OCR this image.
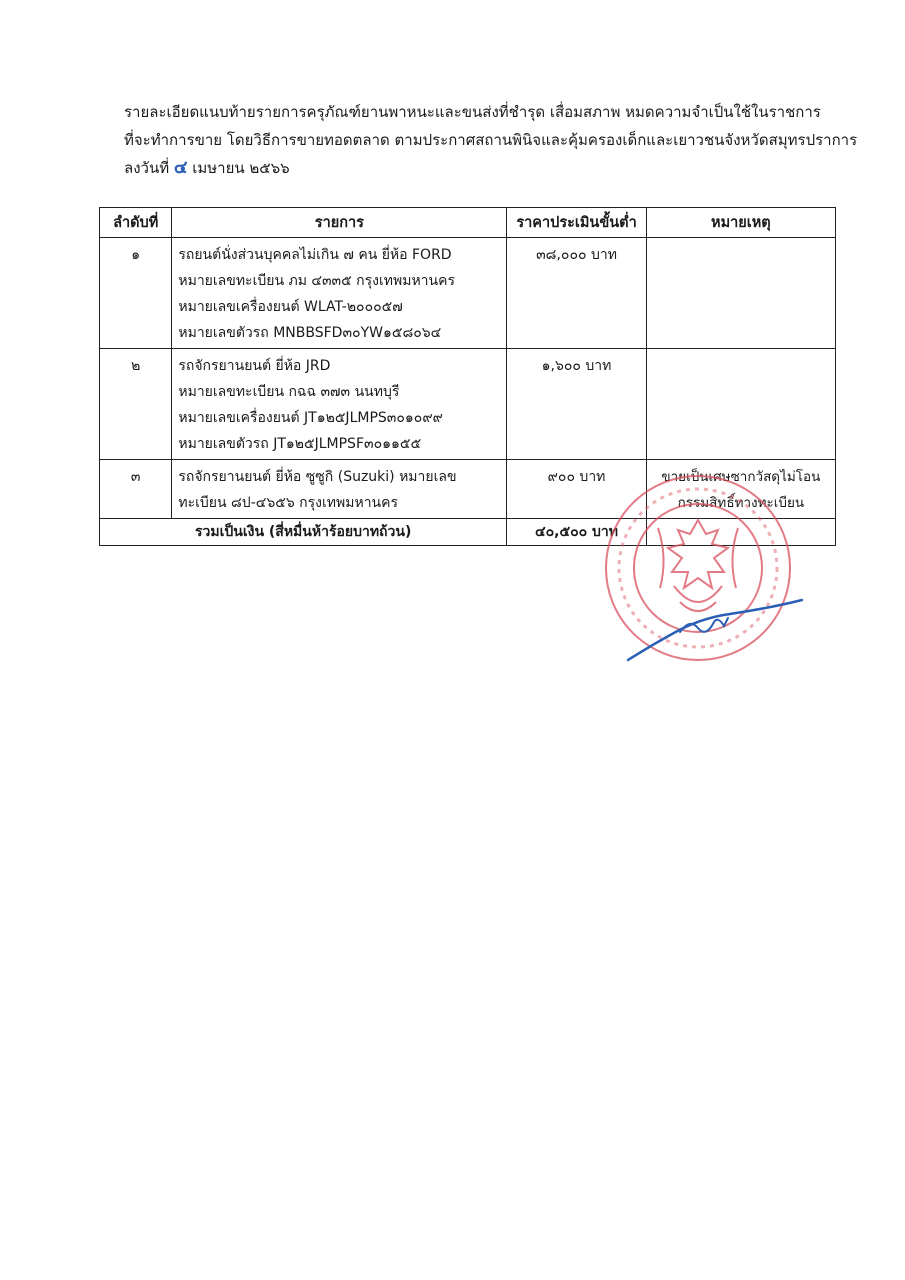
รายละเอียดแนบท้ายรายการครุภัณฑ์ยานพาหนะและขนส่งที่ชำรุด เสื่อมสภาพ หมดความจำเป็นใช้ในราชการ
ที่จะทำการขาย โดยวิธีการขายทอดตลาด ตามประกาศสถานพินิจและคุ้มครองเด็กและเยาวชนจังหวัดสมุทรปราการ
ลงวันที่ ๔ เมษายน ๒๕๖๖
ลำดับที่	รายการ	ราคาประเมินขั้นต่ำ	หมายเหตุ
๑	รถยนต์นั่งส่วนบุคคลไม่เกิน ๗ คน ยี่ห้อ FORD
หมายเลขทะเบียน ภม ๔๓๓๕ กรุงเทพมหานคร
หมายเลขเครื่องยนต์ WLAT-๒๐๐๐๕๗
หมายเลขตัวรถ MNBBSFD๓๐YW๑๕๘๐๖๔	๓๘,๐๐๐ บาท	
๒	รถจักรยานยนต์ ยี่ห้อ JRD
หมายเลขทะเบียน กฉฉ ๓๗๓ นนทบุรี
หมายเลขเครื่องยนต์ JT๑๒๕JLMPS๓๐๑๐๙๙
หมายเลขตัวรถ JT๑๒๕JLMPSF๓๐๑๑๕๕	๑,๖๐๐ บาท	
๓	รถจักรยานยนต์ ยี่ห้อ ซูซูกิ (Suzuki) หมายเลข
ทะเบียน ๘ป-๔๖๕๖ กรุงเทพมหานคร	๙๐๐ บาท	ขายเป็นเศษซากวัสดุไม่โอน
กรรมสิทธิ์ทางทะเบียน

รวมเป็นเงิน (สี่หมื่นห้าร้อยบาทถ้วน)		๔๐,๕๐๐ บาท	
